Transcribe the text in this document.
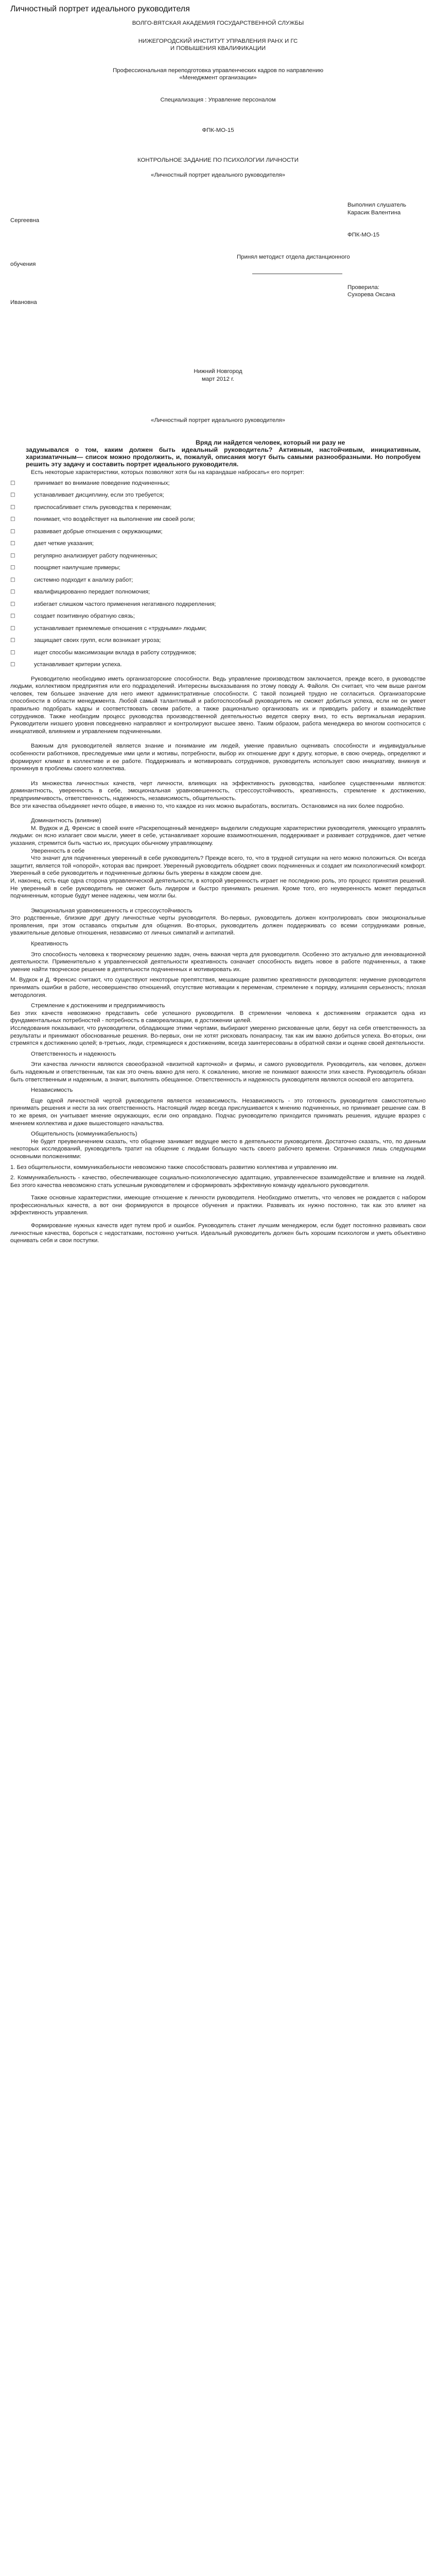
Личностный портрет идеального руководителя

ВОЛГО-ВЯТСКАЯ АКАДЕМИЯ ГОСУДАРСТВЕННОЙ СЛУЖБЫ

НИЖЕГОРОДСКИЙ ИНСТИТУТ УПРАВЛЕНИЯ РАНХ И ГС

И ПОВЫШЕНИЯ КВАЛИФИКАЦИИ

Профессиональная переподготовка управленческих кадров по направлению

«Менеджмент организации»

Специализация : Управление персоналом

ФПК-МО-15

КОНТРОЛЬНОЕ ЗАДАНИЕ ПО ПСИХОЛОГИИ ЛИЧНОСТИ

«Личностный портрет идеального руководителя»

Выполнил слушатель

Карасик Валентина

Сергеевна

ФПК-МО-15

Принял методист отдела дистанционного

обучения

Проверила:

Сухорева Оксана

Ивановна

Нижний Новгород

март 2012 г.

«Личностный портрет идеального руководителя»

Вряд ли найдется человек, который ни разу не
задумывался о том, каким должен быть идеальный руководитель? Активным, настойчивым, инициативным, харизматичным— список можно продолжить, и, пожалуй, описания могут быть самыми разнообразными. Но попробуем решить эту задачу и составить портрет идеального руководителя.

Есть некоторые характеристики, которых позволяют хотя бы на карандаше набросать« его портрет:

□	принимает во внимание поведение подчиненных;
□	устанавливает дисциплину, если это требуется;
□	приспосабливает стиль руководства к переменам;
□	понимает, что воздействует на выполнение им своей роли;
□	развивает добрые отношения с окружающими;
□	дает четкие указания;
□	регулярно анализирует работу подчиненных;
□	поощряет наилучшие примеры;
□	системно подходит к анализу работ;
□	квалифицированно передает полномочия;
□	избегает слишком частого применения негативного подкрепления;
□	создает позитивную обратную связь;
□	устанавливает приемлемые отношения с «трудными» людьми;
□	защищает своих групп, если возникает угроза;
□	ищет способы максимизации вклада в работу сотрудников;
□	устанавливает критерии успеха.

Руководителю необходимо иметь организаторские способности. Ведь управление производством заключается, прежде всего, в руководстве людьми, коллективом предприятия или его подразделений. Интересны высказывания по этому поводу А. Файоля. Он считает, что чем выше рангом человек, тем большее значение для него имеют административные способности. С такой позицией трудно не согласиться. Организаторские способности в области менеджмента. Любой самый талантливый и работоспособный руководитель не сможет добиться успеха, если не он умеет правильно подобрать кадры и соответствовать своим работе, а также рационально организовать их и приводить работу и взаимодействие сотрудников. Также необходим процесс руководства производственной деятельностью ведется сверху вниз, то есть вертикальная иерархия. Руководители низшего уровня повседневно направляют и контролируют высшее звено. Таким образом, работа менеджера во многом соотносится с инициативой, влиянием и управлением подчиненными.

Важным для руководителей является знание и понимание им людей, умение правильно оценивать способности и индивидуальные особенности работников, преследуемые ими цели и мотивы, потребности, выбор их отношение друг к другу, которые, в свою очередь, определяют и формируют климат в коллективе и ее работе. Поддерживать и мотивировать сотрудников, руководитель использует свою инициативу, вникнув и проникнув в проблемы своего коллектива.

Из множества личностных качеств, черт личности, влияющих на эффективность руководства, наиболее существенными являются: доминантность, уверенность в себе, эмоциональная уравновешенность, стрессоустойчивость, креативность, стремление к достижению, предприимчивость, ответственность, надежность, независимость, общительность.

Все эти качества объединяет нечто общее, в именно то, что каждое из них можно выработать, воспитать. Остановимся на них более подробно.

Доминантность (влияние)

М. Вудкок и Д. Френсис в своей книге «Раскрепощенный менеджер» выделили следующие характеристики руководителя, умеющего управлять людьми: он ясно излагает свои мысли, умеет в себе, устанавливает хорошие взаимоотношения, поддерживает и развивает сотрудников, дает четкие указания, стремится быть частью их, присущих обычному управляющему.

Уверенность в себе

Что значит для подчиненных уверенный в себе руководитель? Прежде всего, то, что в трудной ситуации на него можно положиться. Он всегда защитит, является той «опорой», которая вас прикроет. Уверенный руководитель ободряет своих подчиненных и создает им психологический комфорт. Уверенный в себе руководитель и подчиненные должны быть уверены в каждом своем дне.

И, наконец, есть еще одна сторона управленческой деятельности, в которой уверенность играет не последнюю роль, это процесс принятия решений. Не уверенный в себе руководитель не сможет быть лидером и быстро принимать решения. Кроме того, его неуверенность может передаться подчиненным, которые будут менее надежны, чем могли бы.

Эмоциональная уравновешенность и стрессоустойчивость

Это родственные, близкие друг другу личностные черты руководителя. Во-первых, руководитель должен контролировать свои эмоциональные проявления, при этом оставаясь открытым для общения. Во-вторых, руководитель должен поддерживать со всеми сотрудниками ровные, уважительные деловые отношения, независимо от личных симпатий и антипатий.

Креативность

Это способность человека к творческому решению задач, очень важная черта для руководителя. Особенно это актуально для инновационной деятельности. Применительно к управленческой деятельности креативность означает способность видеть новое в работе подчиненных, а также умение найти творческое решение в деятельности подчиненных и мотивировать их.

М. Вудкок и Д. Френсис считают, что существуют некоторые препятствия, мешающие развитию креативности руководителя: неумение руководителя принимать ошибки в работе, несовершенство отношений, отсутствие мотивации к переменам, стремление к порядку, излишняя серьезность; плохая методология.

Стремление к достижениям и предприимчивость

Без этих качеств невозможно представить себе успешного руководителя. В стремлении человека к достижениям отражается одна из фундаментальных потребностей - потребность в самореализации, в достижении целей.

Исследования показывают, что руководители, обладающие этими чертами, выбирают умеренно рискованные цели, берут на себя ответственность за результаты и принимают обоснованные решения. Во-первых, они не хотят рисковать понапрасну, так как им важно добиться успеха. Во-вторых, они стремятся к достижению целей; в-третьих, люди, стремящиеся к достижениям, всегда заинтересованы в обратной связи и оценке своей деятельности.

Ответственность и надежность

Эти качества личности являются своеобразной «визитной карточкой» и фирмы, и самого руководителя. Руководитель, как человек, должен быть надежным и ответственным, так как это очень важно для него. К сожалению, многие не понимают важности этих качеств. Руководитель обязан быть ответственным и надежным, а значит, выполнять обещанное. Ответственность и надежность руководителя являются основой его авторитета.

Независимость

Еще одной личностной чертой руководителя является независимость. Независимость - это готовность руководителя самостоятельно принимать решения и нести за них ответственность. Настоящий лидер всегда прислушивается к мнению подчиненных, но принимает решение сам. В то же время, он учитывает мнение окружающих, если оно оправдано. Подчас руководителю приходится принимать решения, идущие вразрез с мнением коллектива и даже вышестоящего начальства.

Общительность (коммуникабельность)

Не будет преувеличением сказать, что общение занимает ведущее место в деятельности руководителя. Достаточно сказать, что, по данным некоторых исследований, руководитель тратит на общение с людьми большую часть своего рабочего времени. Ограничимся лишь следующими основными положениями:

1. Без общительности, коммуникабельности невозможно также способствовать развитию коллектива и управлению им.

2. Коммуникабельность - качество, обеспечивающее социально-психологическую адаптацию, управленческое взаимодействие и влияние на людей. Без этого качества невозможно стать успешным руководителем и сформировать эффективную команду идеального руководителя.

Также основные характеристики, имеющие отношение к личности руководителя. Необходимо отметить, что человек не рождается с набором профессиональных качеств, а вот они формируются в процессе обучения и практики. Развивать их нужно постоянно, так как это влияет на эффективность управления.

Формирование нужных качеств идет путем проб и ошибок. Руководитель станет лучшим менеджером, если будет постоянно развивать свои личностные качества, бороться с недостатками, постоянно учиться. Идеальный руководитель должен быть хорошим психологом и уметь объективно оценивать себя и свои поступки.
